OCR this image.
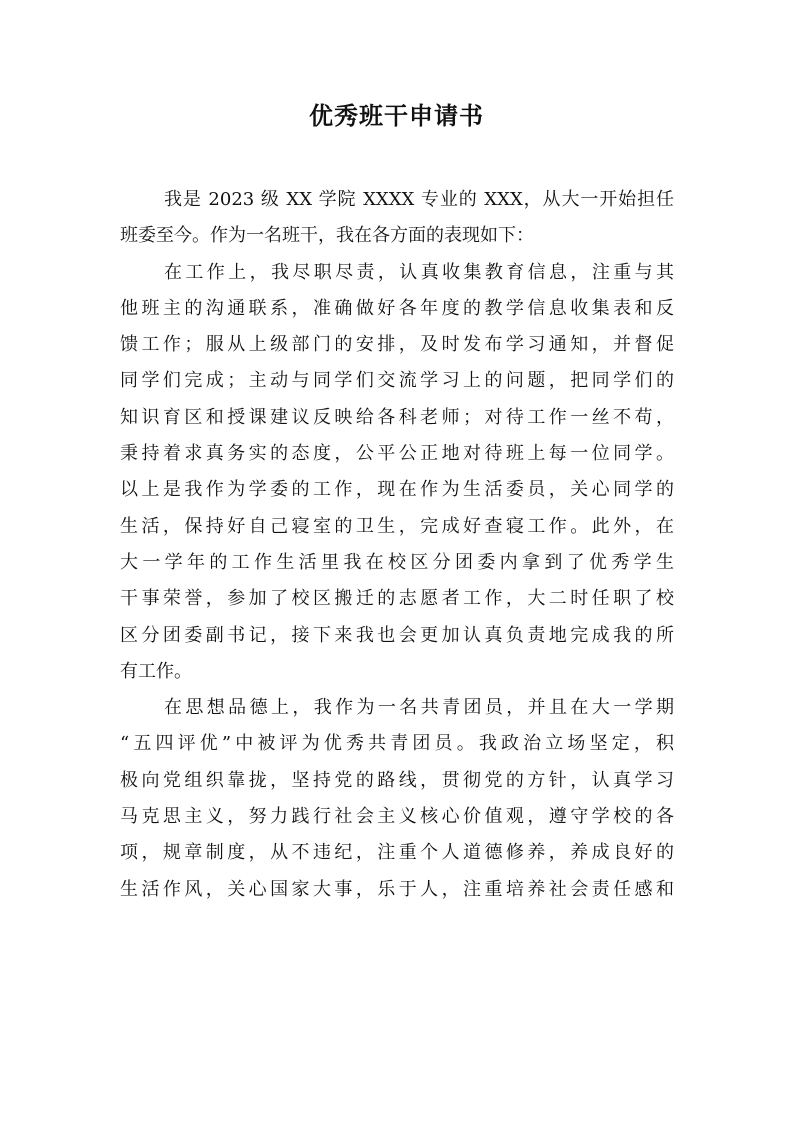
优秀班干申请书
我是 2023 级 XX 学院 XXXX 专业的 XXX，从大一开始担任
班委至今。作为一名班干，我在各方面的表现如下：
在工作上，我尽职尽责，认真收集教育信息，注重与其
他班主的沟通联系，准确做好各年度的教学信息收集表和反
馈工作；服从上级部门的安排，及时发布学习通知，并督促
同学们完成；主动与同学们交流学习上的问题，把同学们的
知识育区和授课建议反映给各科老师；对待工作一丝不苟，
秉持着求真务实的态度，公平公正地对待班上每一位同学。
以上是我作为学委的工作，现在作为生活委员，关心同学的
生活，保持好自己寝室的卫生，完成好查寝工作。此外，在
大一学年的工作生活里我在校区分团委内拿到了优秀学生
干事荣誉，参加了校区搬迁的志愿者工作，大二时任职了校
区分团委副书记，接下来我也会更加认真负责地完成我的所
有工作。
在思想品德上，我作为一名共青团员，并且在大一学期
“五四评优”中被评为优秀共青团员。我政治立场坚定，积
极向党组织靠拢，坚持党的路线，贯彻党的方针，认真学习
马克思主义，努力践行社会主义核心价值观，遵守学校的各
项，规章制度，从不违纪，注重个人道德修养，养成良好的
生活作风，关心国家大事，乐于人，注重培养社会责任感和
